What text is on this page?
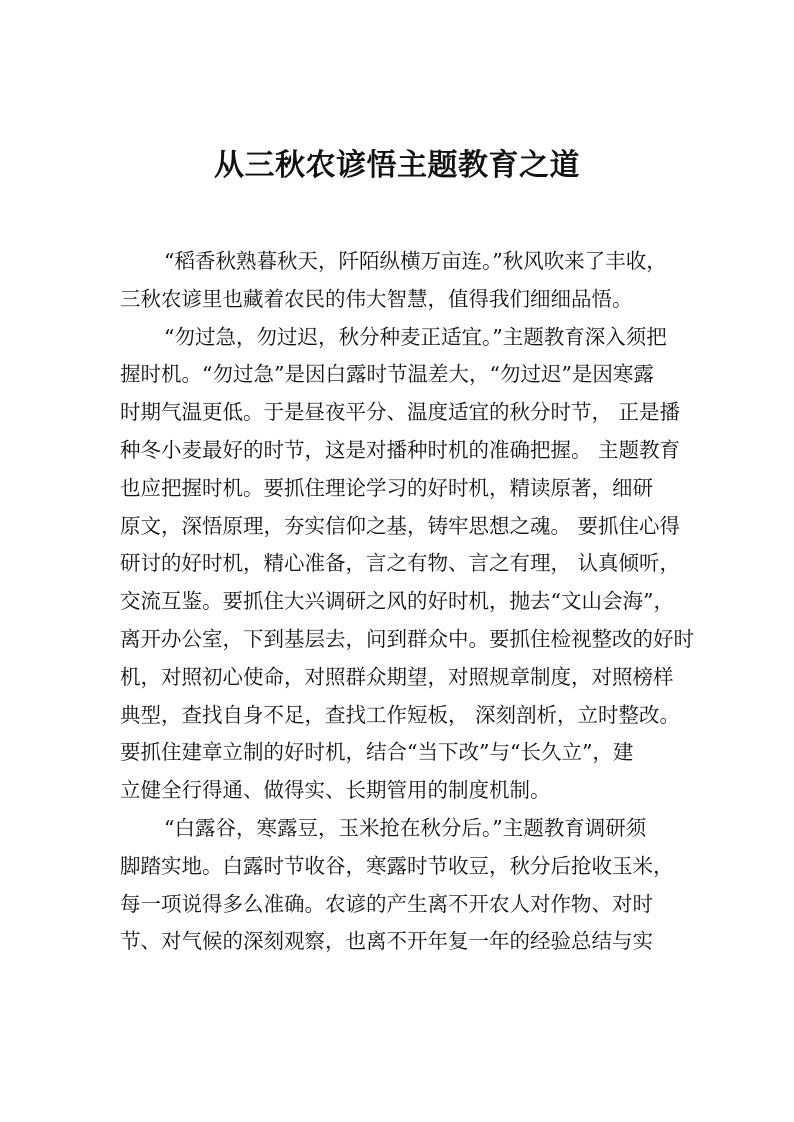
从三秋农谚悟主题教育之道
“稻香秋熟暮秋天，阡陌纵横万亩连。”秋风吹来了丰收，
三秋农谚里也藏着农民的伟大智慧，值得我们细细品悟。
“勿过急，勿过迟，秋分种麦正适宜。”主题教育深入须把
握时机。“勿过急”是因白露时节温差大，“勿过迟”是因寒露
时期气温更低。于是昼夜平分、温度适宜的秋分时节， 正是播
种冬小麦最好的时节，这是对播种时机的准确把握。 主题教育
也应把握时机。要抓住理论学习的好时机，精读原著，细研
原文，深悟原理，夯实信仰之基，铸牢思想之魂。 要抓住心得
研讨的好时机，精心准备，言之有物、言之有理， 认真倾听，
交流互鉴。要抓住大兴调研之风的好时机，抛去“文山会海”，
离开办公室，下到基层去，问到群众中。要抓住检视整改的好时
机，对照初心使命，对照群众期望，对照规章制度，对照榜样
典型，查找自身不足，查找工作短板， 深刻剖析，立时整改。
要抓住建章立制的好时机，结合“当下改”与“长久立”，建
立健全行得通、做得实、长期管用的制度机制。
“白露谷，寒露豆，玉米抢在秋分后。”主题教育调研须
脚踏实地。白露时节收谷，寒露时节收豆，秋分后抢收玉米，
每一项说得多么准确。农谚的产生离不开农人对作物、对时
节、对气候的深刻观察，也离不开年复一年的经验总结与实
